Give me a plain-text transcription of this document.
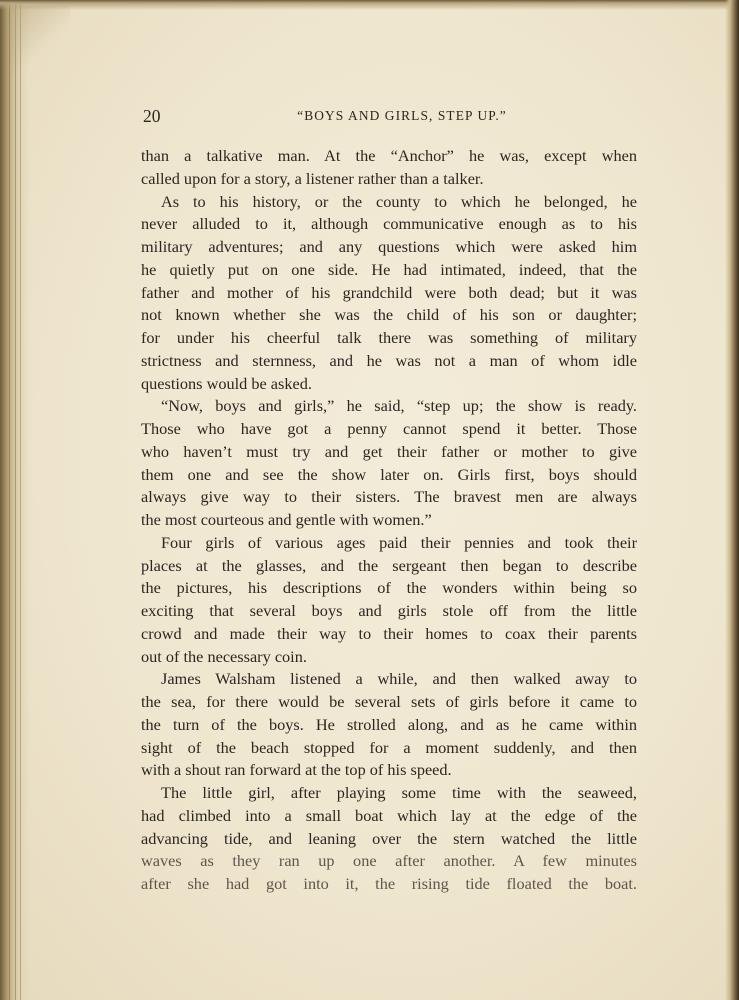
20	“BOYS AND GIRLS, STEP UP.”

than a talkative man. At the “Anchor” he was, except when

called upon for a story, a listener rather than a talker.

As to his history, or the county to which he belonged, he

never alluded to it, although communicative enough as to his

military adventures; and any questions which were asked him

he quietly put on one side. He had intimated, indeed, that the

father and mother of his grandchild were both dead; but it was

not known whether she was the child of his son or daughter;

for under his cheerful talk there was something of military

strictness and sternness, and he was not a man of whom idle

questions would be asked.

“Now, boys and girls,” he said, “step up; the show is ready.

Those who have got a penny cannot spend it better. Those

who haven’t must try and get their father or mother to give

them one and see the show later on. Girls first, boys should

always give way to their sisters. The bravest men are always

the most courteous and gentle with women.”

Four girls of various ages paid their pennies and took their

places at the glasses, and the sergeant then began to describe

the pictures, his descriptions of the wonders within being so

exciting that several boys and girls stole off from the little

crowd and made their way to their homes to coax their parents

out of the necessary coin.

James Walsham listened a while, and then walked away to

the sea, for there would be several sets of girls before it came to

the turn of the boys. He strolled along, and as he came within

sight of the beach stopped for a moment suddenly, and then

with a shout ran forward at the top of his speed.

The little girl, after playing some time with the seaweed,

had climbed into a small boat which lay at the edge of the

advancing tide, and leaning over the stern watched the little

waves as they ran up one after another. A few minutes

after she had got into it, the rising tide floated the boat.
